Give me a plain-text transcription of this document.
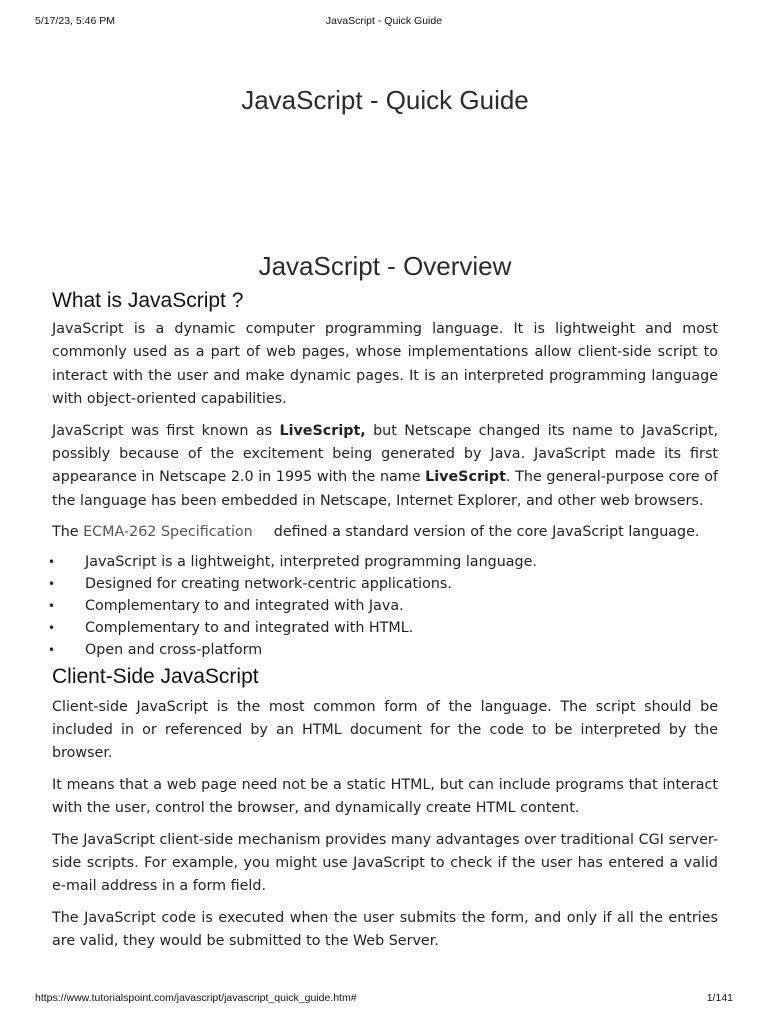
5/17/23, 5:46 PM	JavaScript - Quick Guide
JavaScript - Quick Guide
JavaScript - Overview
What is JavaScript ?

JavaScript is a dynamic computer programming language. It is lightweight and most commonly used as a part of web pages, whose implementations allow client-side script to interact with the user and make dynamic pages. It is an interpreted programming language with object-oriented capabilities.

JavaScript was first known as LiveScript, but Netscape changed its name to JavaScript, possibly because of the excitement being generated by Java. JavaScript made its first appearance in Netscape 2.0 in 1995 with the name LiveScript. The general-purpose core of the language has been embedded in Netscape, Internet Explorer, and other web browsers.

The ECMA-262 Specification defined a standard version of the core JavaScript language.

• JavaScript is a lightweight, interpreted programming language.
• Designed for creating network-centric applications.
• Complementary to and integrated with Java.
• Complementary to and integrated with HTML.
• Open and cross-platform
Client-Side JavaScript

Client-side JavaScript is the most common form of the language. The script should be included in or referenced by an HTML document for the code to be interpreted by the browser.

It means that a web page need not be a static HTML, but can include programs that interact with the user, control the browser, and dynamically create HTML content.

The JavaScript client-side mechanism provides many advantages over traditional CGI server-side scripts. For example, you might use JavaScript to check if the user has entered a valid e-mail address in a form field.

The JavaScript code is executed when the user submits the form, and only if all the entries are valid, they would be submitted to the Web Server.

https://www.tutorialspoint.com/javascript/javascript_quick_guide.htm#	1/141
